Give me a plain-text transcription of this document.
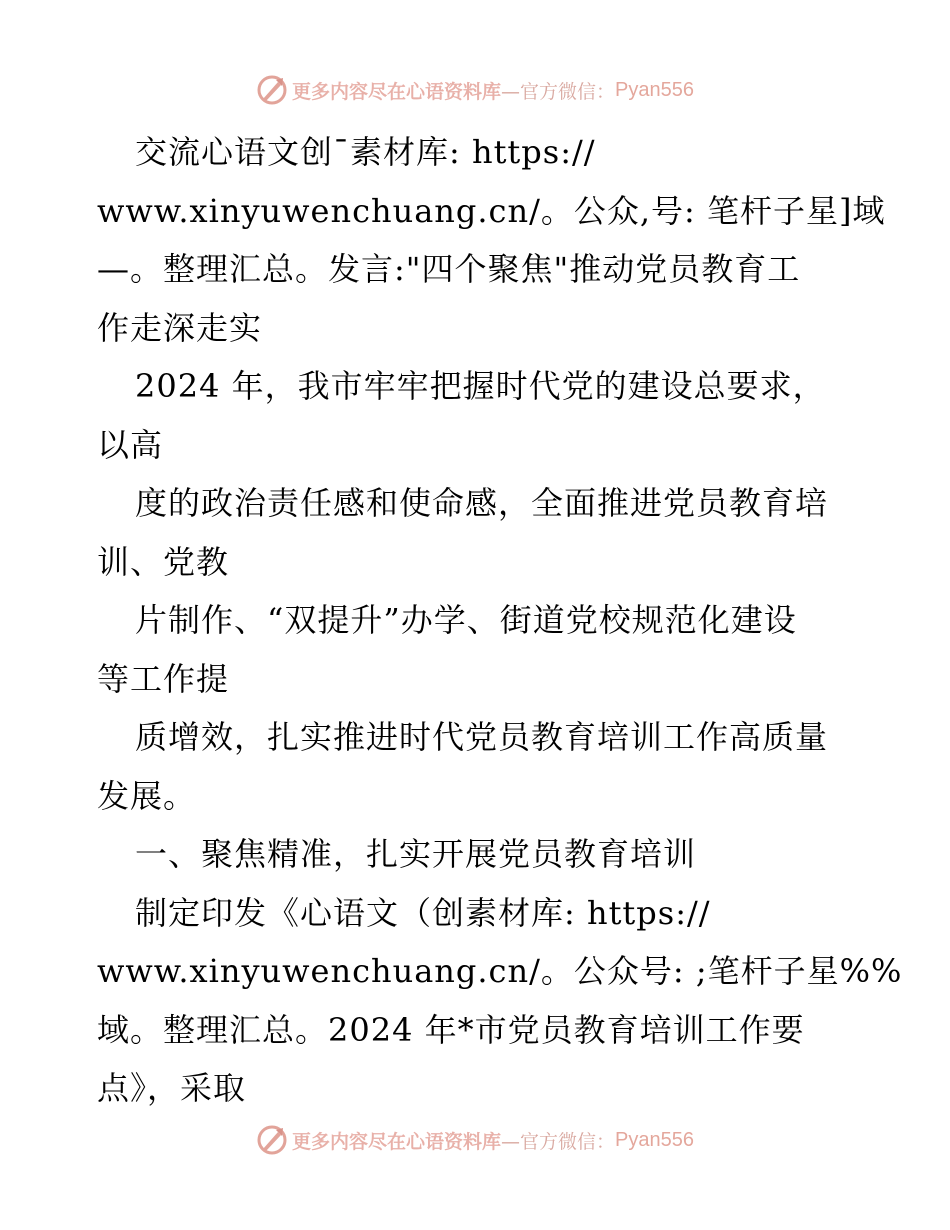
更多内容尽在心语资料库 —官方微信： Pyan556
交流心语文创¯素材库: https://
www.xinyuwenchuang.cn/。公众,号: 笔杆子星]域
—。整理汇总。发言:"四个聚焦"推动党员教育工
作走深走实
2024 年，我市牢牢把握时代党的建设总要求，
以高
度的政治责任感和使命感，全面推进党员教育培
训、党教
片制作、“双提升”办学、街道党校规范化建设
等工作提
质增效，扎实推进时代党员教育培训工作高质量
发展。
一、聚焦精准，扎实开展党员教育培训
制定印发《心语文（创素材库: https://
www.xinyuwenchuang.cn/。公众号: ;笔杆子星%%
域。整理汇总。2024 年*市党员教育培训工作要
点》，采取
更多内容尽在心语资料库 —官方微信： Pyan556
